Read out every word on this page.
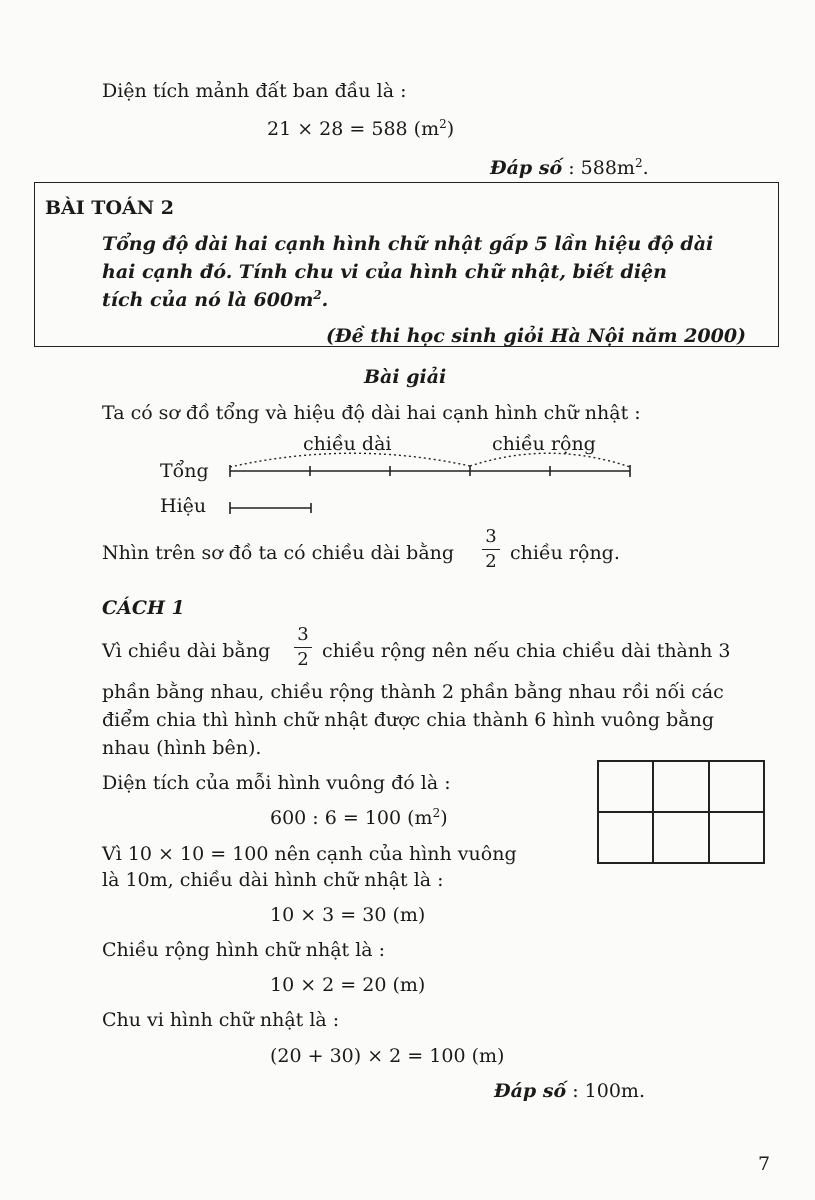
Diện tích mảnh đất ban đầu là :
21 × 28 = 588 $(m^2)$
Đáp số : $588m^2$.
BÀI TOÁN 2
Tổng độ dài hai cạnh hình chữ nhật gấp 5 lần hiệu độ dài
hai cạnh đó. Tính chu vi của hình chữ nhật, biết diện
tích của nó là $600m^2$.
(Đề thi học sinh giỏi Hà Nội năm 2000)
Bài giải
Ta có sơ đồ tổng và hiệu độ dài hai cạnh hình chữ nhật :
chiều dài	chiều rộng
Tổng
Hiệu
Nhìn trên sơ đồ ta có chiều dài bằng
3
2 chiều rộng.
CÁCH 1
Vì chiều dài bằng
3
2 chiều rộng nên nếu chia chiều dài thành 3
phần bằng nhau, chiều rộng thành 2 phần bằng nhau rồi nối các
điểm chia thì hình chữ nhật được chia thành 6 hình vuông bằng
nhau (hình bên).
Diện tích của mỗi hình vuông đó là :
600 : 6 = 100 $(m^2)$
Vì 10 × 10 = 100 nên cạnh của hình vuông
là 10m, chiều dài hình chữ nhật là :
10 × 3 = 30 (m)
Chiều rộng hình chữ nhật là :
10 × 2 = 20 (m)
Chu vi hình chữ nhật là :
(20 + 30) × 2 = 100 (m)
Đáp số : 100m.
7
